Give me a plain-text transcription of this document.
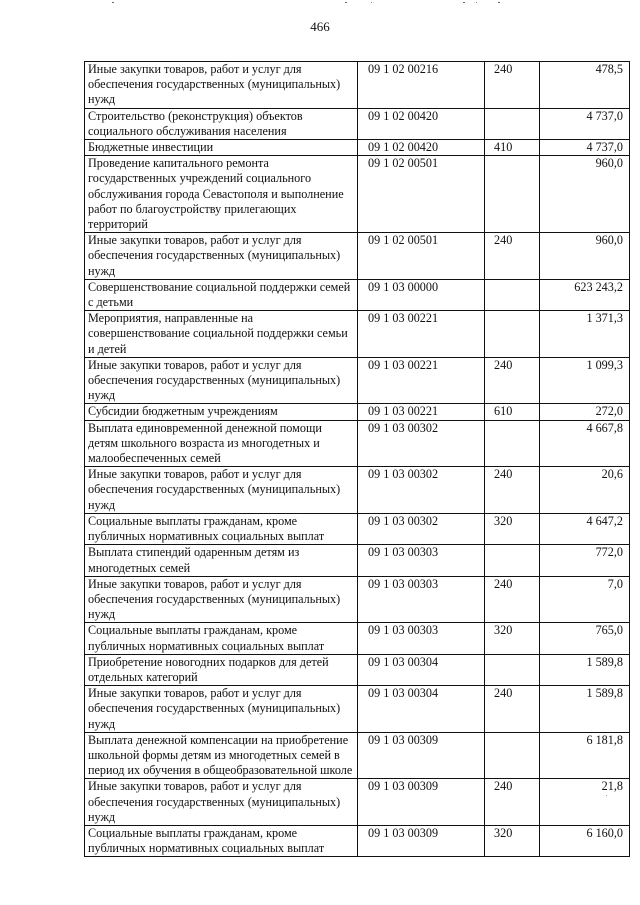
466
Иные закупки товаров, работ и услуг для обеспечения государственных (муниципальных) нужд	09 1 02 00216	240	478,5
Строительство (реконструкция) объектов социального обслуживания населения	09 1 02 00420		4 737,0
Бюджетные инвестиции	09 1 02 00420	410	4 737,0
Проведение капитального ремонта государственных учреждений социального обслуживания города Севастополя и выполнение работ по благоустройству прилегающих территорий	09 1 02 00501		960,0
Иные закупки товаров, работ и услуг для обеспечения государственных (муниципальных) нужд	09 1 02 00501	240	960,0
Совершенствование социальной поддержки семей с детьми	09 1 03 00000		623 243,2
Мероприятия, направленные на совершенствование социальной поддержки семьи и детей	09 1 03 00221		1 371,3
Иные закупки товаров, работ и услуг для обеспечения государственных (муниципальных) нужд	09 1 03 00221	240	1 099,3
Субсидии бюджетным учреждениям	09 1 03 00221	610	272,0
Выплата единовременной денежной помощи детям школьного возраста из многодетных и малообеспеченных семей	09 1 03 00302		4 667,8
Иные закупки товаров, работ и услуг для обеспечения государственных (муниципальных) нужд	09 1 03 00302	240	20,6
Социальные выплаты гражданам, кроме публичных нормативных социальных выплат	09 1 03 00302	320	4 647,2
Выплата стипендий одаренным детям из многодетных семей	09 1 03 00303		772,0
Иные закупки товаров, работ и услуг для обеспечения государственных (муниципальных) нужд	09 1 03 00303	240	7,0
Социальные выплаты гражданам, кроме публичных нормативных социальных выплат	09 1 03 00303	320	765,0
Приобретение новогодних подарков для детей отдельных категорий	09 1 03 00304		1 589,8
Иные закупки товаров, работ и услуг для обеспечения государственных (муниципальных) нужд	09 1 03 00304	240	1 589,8
Выплата денежной компенсации на приобретение школьной формы детям из многодетных семей в период их обучения в общеобразовательной школе	09 1 03 00309		6 181,8
Иные закупки товаров, работ и услуг для обеспечения государственных (муниципальных) нужд	09 1 03 00309	240	21,8
Социальные выплаты гражданам, кроме публичных нормативных социальных выплат	09 1 03 00309	320	6 160,0
